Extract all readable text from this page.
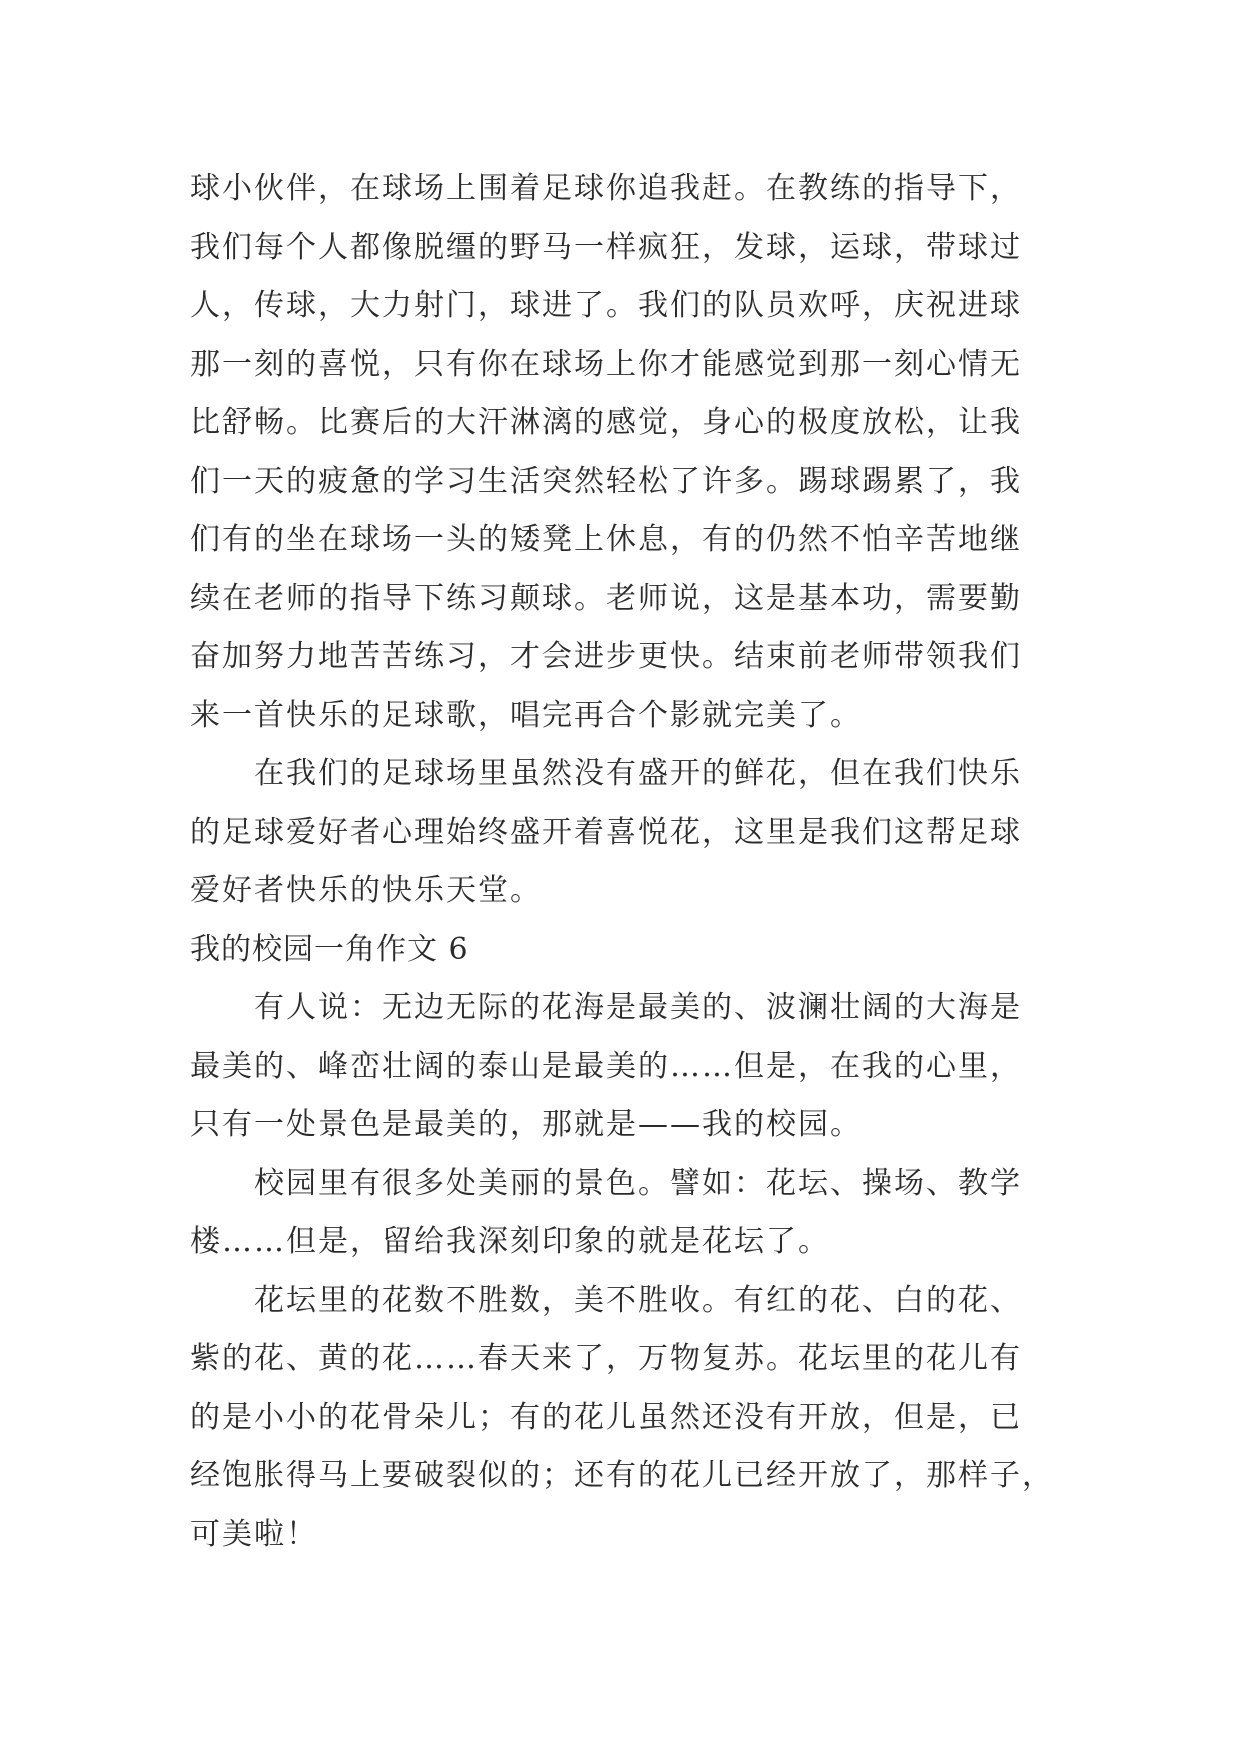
球小伙伴，在球场上围着足球你追我赶。在教练的指导下，
我们每个人都像脱缰的野马一样疯狂，发球，运球，带球过
人，传球，大力射门，球进了。我们的队员欢呼，庆祝进球
那一刻的喜悦，只有你在球场上你才能感觉到那一刻心情无
比舒畅。比赛后的大汗淋漓的感觉，身心的极度放松，让我
们一天的疲惫的学习生活突然轻松了许多。踢球踢累了，我
们有的坐在球场一头的矮凳上休息，有的仍然不怕辛苦地继
续在老师的指导下练习颠球。老师说，这是基本功，需要勤
奋加努力地苦苦练习，才会进步更快。结束前老师带领我们
来一首快乐的足球歌，唱完再合个影就完美了。
在我们的足球场里虽然没有盛开的鲜花，但在我们快乐
的足球爱好者心理始终盛开着喜悦花，这里是我们这帮足球
爱好者快乐的快乐天堂。
我的校园一角作文 6
有人说：无边无际的花海是最美的、波澜壮阔的大海是
最美的、峰峦壮阔的泰山是最美的……但是，在我的心里，
只有一处景色是最美的，那就是——我的校园。
校园里有很多处美丽的景色。譬如：花坛、操场、教学
楼……但是，留给我深刻印象的就是花坛了。
花坛里的花数不胜数，美不胜收。有红的花、白的花、
紫的花、黄的花……春天来了，万物复苏。花坛里的花儿有
的是小小的花骨朵儿；有的花儿虽然还没有开放，但是，已
经饱胀得马上要破裂似的；还有的花儿已经开放了，那样子，
可美啦！
